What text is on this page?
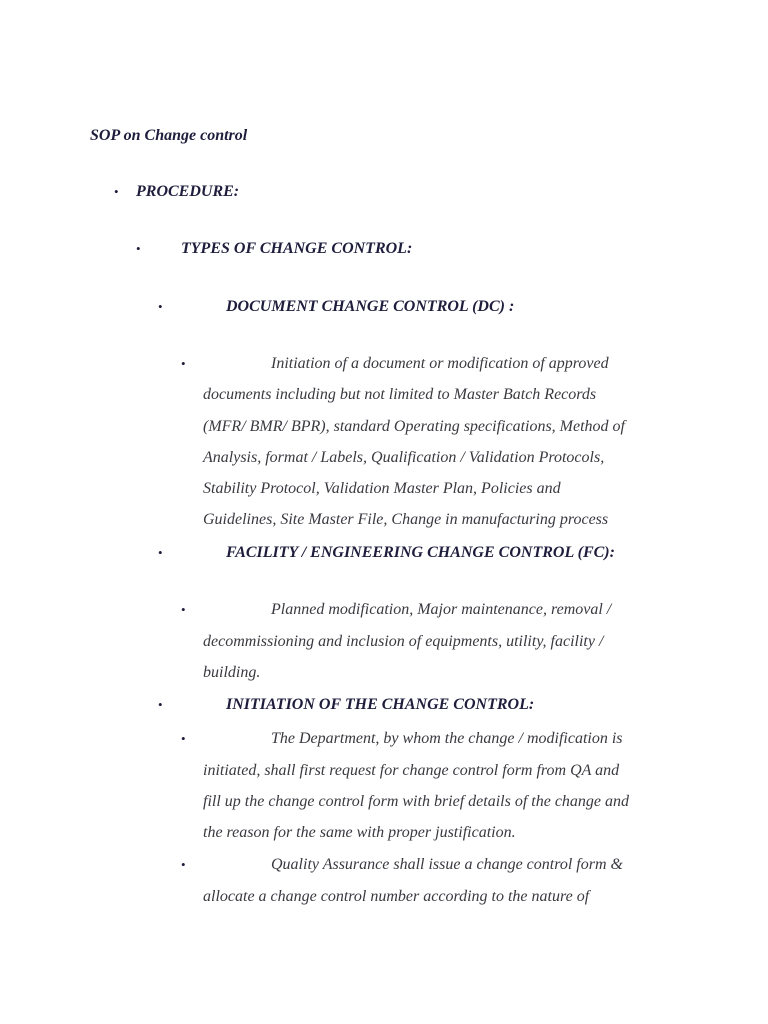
SOP on Change control
• PROCEDURE:
•	TYPES OF CHANGE CONTROL:
•	DOCUMENT CHANGE CONTROL (DC) :
•	Initiation of a document or modification of approved
documents including but not limited to Master Batch Records
(MFR/ BMR/ BPR), standard Operating specifications, Method of
Analysis, format / Labels, Qualification / Validation Protocols,
Stability Protocol, Validation Master Plan, Policies and
Guidelines, Site Master File, Change in manufacturing process
•	FACILITY / ENGINEERING CHANGE CONTROL (FC):
•	Planned modification, Major maintenance, removal /
decommissioning and inclusion of equipments, utility, facility /
building.
•	INITIATION OF THE CHANGE CONTROL:
•	The Department, by whom the change / modification is
initiated, shall first request for change control form from QA and
fill up the change control form with brief details of the change and
the reason for the same with proper justification.
•	Quality Assurance shall issue a change control form &
allocate a change control number according to the nature of
